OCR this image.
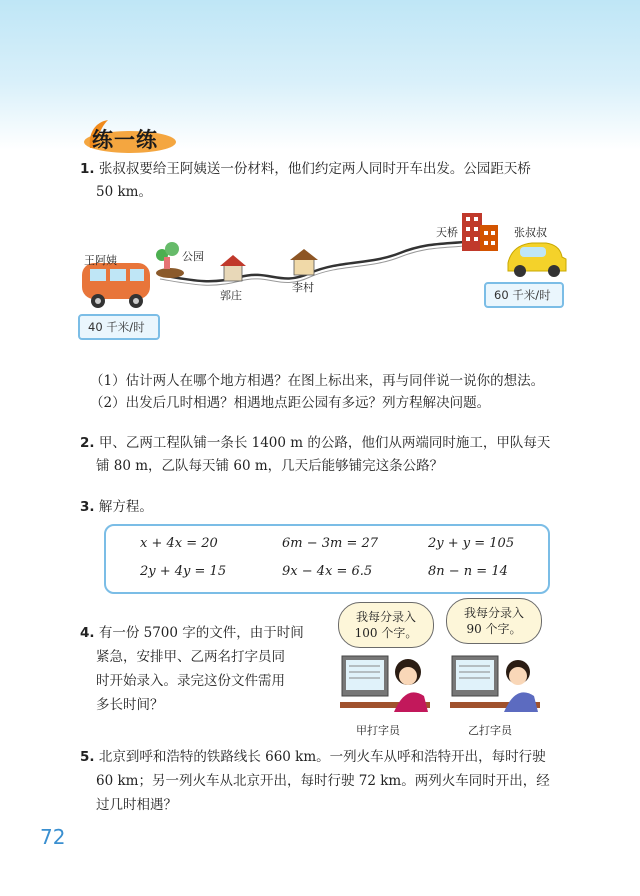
练一练
1. 张叔叔要给王阿姨送一份材料，他们约定两人同时开车出发。公园距天桥
50 km。
王阿姨	公园
郭庄
李村
天桥	张叔叔
40 千米/时
60 千米/时
（1）估计两人在哪个地方相遇？在图上标出来，再与同伴说一说你的想法。
（2）出发后几时相遇？相遇地点距公园有多远？列方程解决问题。
2. 甲、乙两工程队铺一条长 1400 m 的公路，他们从两端同时施工，甲队每天
铺 80 m，乙队每天铺 60 m，几天后能够铺完这条公路？
3. 解方程。
x + 4x = 20	6m − 3m = 27	2y + y = 105
2y + 4y = 15	9x − 4x = 6.5	8n − n = 14
4. 有一份 5700 字的文件，由于时间
紧急，安排甲、乙两名打字员同
时开始录入。录完这份文件需用
多长时间？
我每分录入
100 个字。
我每分录入
90 个字。
甲打字员	乙打字员
5. 北京到呼和浩特的铁路线长 660 km。一列火车从呼和浩特开出，每时行驶
60 km；另一列火车从北京开出，每时行驶 72 km。两列火车同时开出，经
过几时相遇？
72
